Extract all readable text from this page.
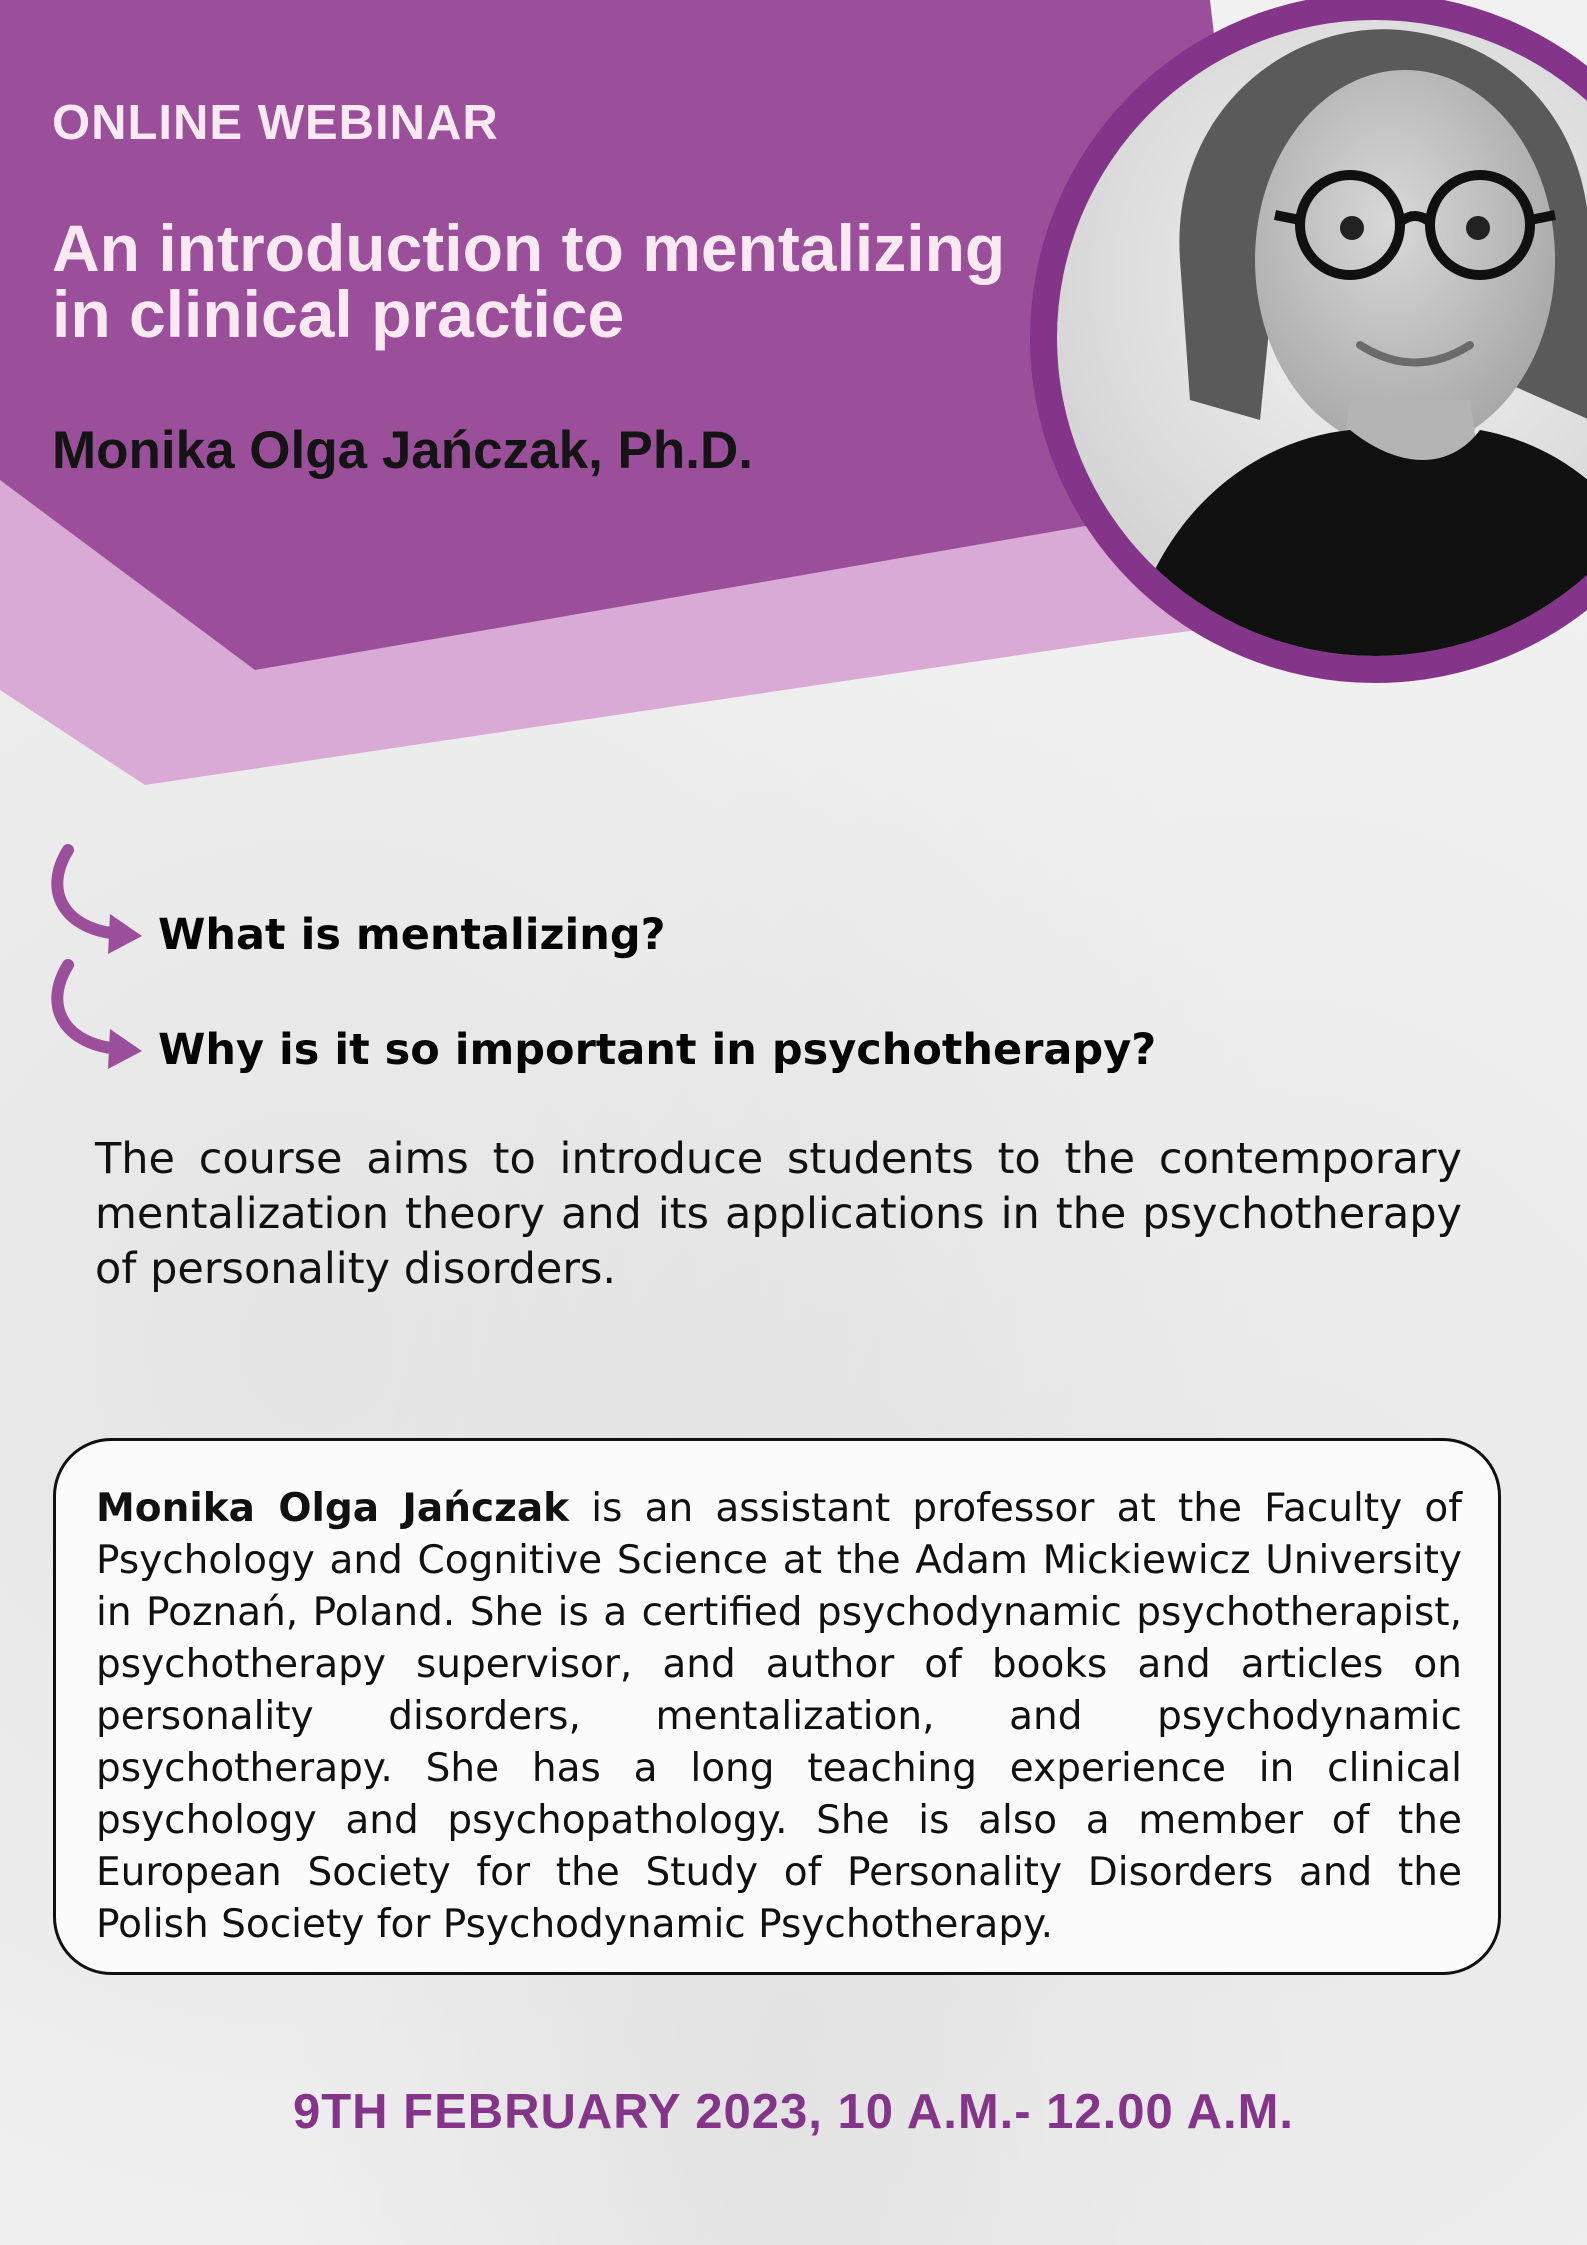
ONLINE WEBINAR

An introduction to mentalizing in clinical practice

Monika Olga Jańczak, Ph.D.

What is mentalizing?
Why is it so important in psychotherapy?

The course aims to introduce students to the contemporary mentalization theory and its applications in the psychotherapy of personality disorders.

Monika Olga Jańczak is an assistant professor at the Faculty of Psychology and Cognitive Science at the Adam Mickiewicz University in Poznań, Poland. She is a certified psychodynamic psychotherapist, psychotherapy supervisor, and author of books and articles on personality disorders, mentalization, and psychodynamic psychotherapy. She has a long teaching experience in clinical psychology and psychopathology. She is also a member of the European Society for the Study of Personality Disorders and the Polish Society for Psychodynamic Psychotherapy.

9TH FEBRUARY 2023, 10 A.M.- 12.00 A.M.
